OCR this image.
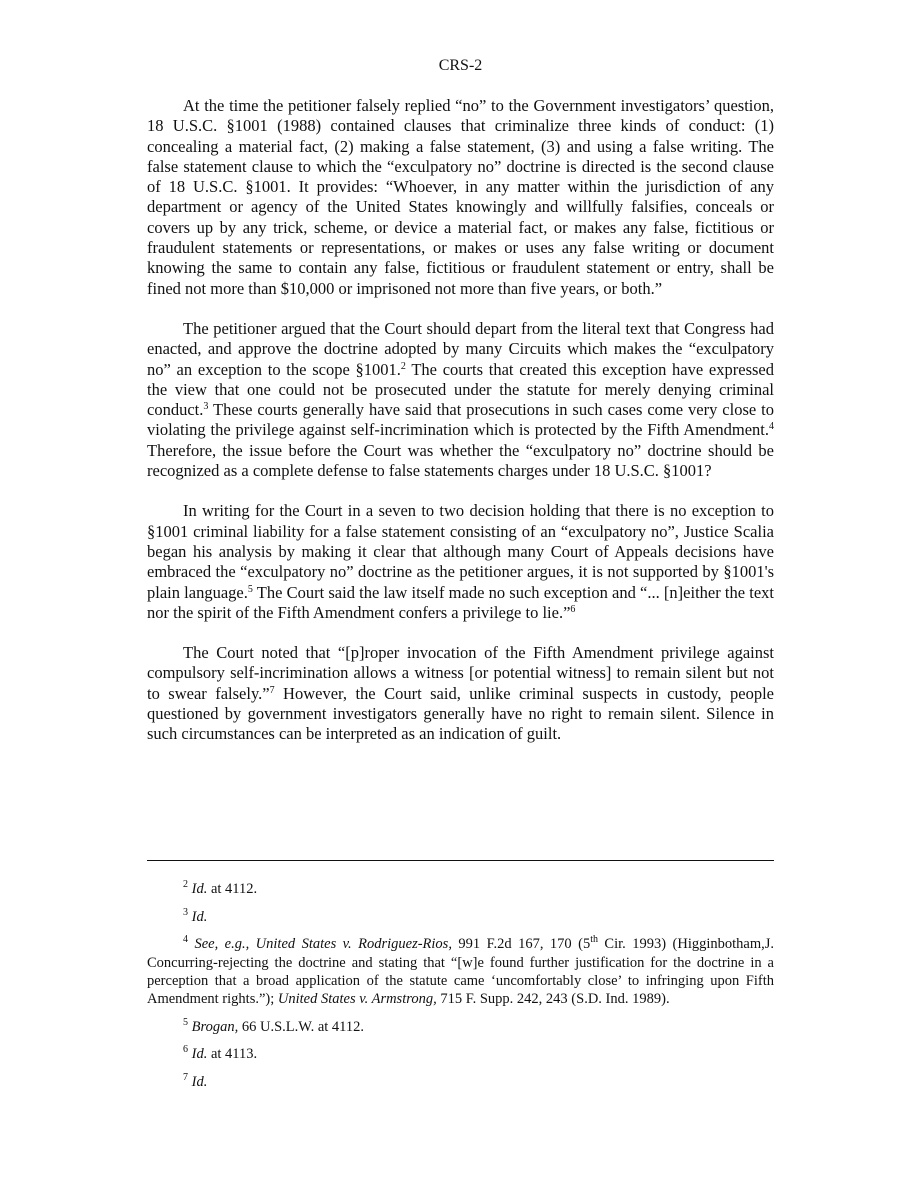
CRS-2

At the time the petitioner falsely replied “no” to the Government investigators’ question, 18 U.S.C. §1001 (1988) contained clauses that criminalize three kinds of conduct: (1) concealing a material fact, (2) making a false statement, (3) and using a false writing. The false statement clause to which the “exculpatory no” doctrine is directed is the second clause of 18 U.S.C. §1001. It provides: “Whoever, in any matter within the jurisdiction of any department or agency of the United States knowingly and willfully falsifies, conceals or covers up by any trick, scheme, or device a material fact, or makes any false, fictitious or fraudulent statements or representations, or makes or uses any false writing or document knowing the same to contain any false, fictitious or fraudulent statement or entry, shall be fined not more than $10,000 or imprisoned not more than five years, or both.”

The petitioner argued that the Court should depart from the literal text that Congress had enacted, and approve the doctrine adopted by many Circuits which makes the “exculpatory no” an exception to the scope §1001.$^2$ The courts that created this exception have expressed the view that one could not be prosecuted under the statute for merely denying criminal conduct.$^3$ These courts generally have said that prosecutions in such cases come very close to violating the privilege against self-incrimination which is protected by the Fifth Amendment.$^4$ Therefore, the issue before the Court was whether the “exculpatory no” doctrine should be recognized as a complete defense to false statements charges under 18 U.S.C. §1001?

In writing for the Court in a seven to two decision holding that there is no exception to §1001 criminal liability for a false statement consisting of an “exculpatory no”, Justice Scalia began his analysis by making it clear that although many Court of Appeals decisions have embraced the “exculpatory no” doctrine as the petitioner argues, it is not supported by §1001's plain language.$^5$ The Court said the law itself made no such exception and “... [n]either the text nor the spirit of the Fifth Amendment confers a privilege to lie.”$^6$

The Court noted that “[p]roper invocation of the Fifth Amendment privilege against compulsory self-incrimination allows a witness [or potential witness] to remain silent but not to swear falsely.”$^7$ However, the Court said, unlike criminal suspects in custody, people questioned by government investigators generally have no right to remain silent. Silence in such circumstances can be interpreted as an indication of guilt.

$^2$ Id. at 4112.

$^3$ Id.

$^4$ See, e.g., United States v. Rodriguez-Rios, 991 F.2d 167, 170 (5th Cir. 1993) (Higginbotham,J. Concurring-rejecting the doctrine and stating that “[w]e found further justification for the doctrine in a perception that a broad application of the statute came ‘uncomfortably close’ to infringing upon Fifth Amendment rights.”); United States v. Armstrong, 715 F. Supp. 242, 243 (S.D. Ind. 1989).

$^5$ Brogan, 66 U.S.L.W. at 4112.

$^6$ Id. at 4113.

$^7$ Id.
